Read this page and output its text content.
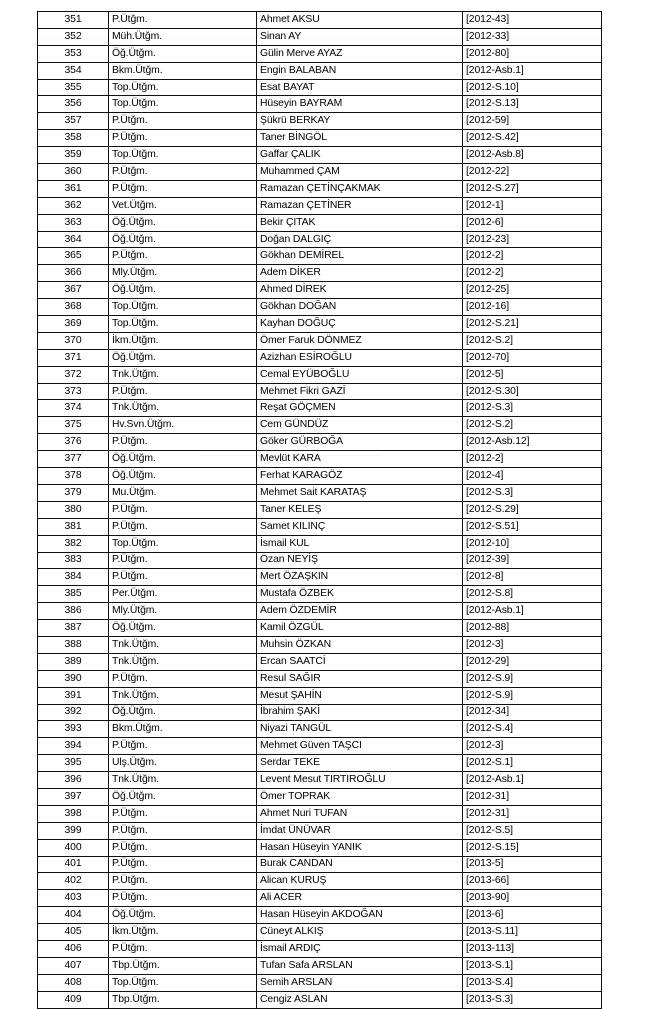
351	P.Ütğm.	Ahmet AKSU	[2012-43]
352	Müh.Ütğm.	Sinan AY	[2012-33]
353	Öğ.Ütğm.	Gülin Merve AYAZ	[2012-80]
354	Bkm.Ütğm.	Engin BALABAN	[2012-Asb.1]
355	Top.Ütğm.	Esat BAYAT	[2012-S.10]
356	Top.Ütğm.	Hüseyin BAYRAM	[2012-S.13]
357	P.Ütğm.	Şükrü BERKAY	[2012-59]
358	P.Ütğm.	Taner BİNGÖL	[2012-S.42]
359	Top.Ütğm.	Gaffar ÇALIK	[2012-Asb.8]
360	P.Ütğm.	Muhammed ÇAM	[2012-22]
361	P.Ütğm.	Ramazan ÇETİNÇAKMAK	[2012-S.27]
362	Vet.Ütğm.	Ramazan ÇETİNER	[2012-1]
363	Öğ.Ütğm.	Bekir ÇITAK	[2012-6]
364	Öğ.Ütğm.	Doğan DALGIÇ	[2012-23]
365	P.Ütğm.	Gökhan DEMİREL	[2012-2]
366	Mly.Ütğm.	Adem DİKER	[2012-2]
367	Öğ.Ütğm.	Ahmed DİREK	[2012-25]
368	Top.Ütğm.	Gökhan DOĞAN	[2012-16]
369	Top.Ütğm.	Kayhan DOĞUÇ	[2012-S.21]
370	İkm.Ütğm.	Ömer Faruk DÖNMEZ	[2012-S.2]
371	Öğ.Ütğm.	Azizhan ESİROĞLU	[2012-70]
372	Tnk.Ütğm.	Cemal EYÜBOĞLU	[2012-5]
373	P.Ütğm.	Mehmet Fikri GAZİ	[2012-S.30]
374	Tnk.Ütğm.	Reşat GÖÇMEN	[2012-S.3]
375	Hv.Svn.Ütğm.	Cem GÜNDÜZ	[2012-S.2]
376	P.Ütğm.	Göker GÜRBOĞA	[2012-Asb.12]
377	Öğ.Ütğm.	Mevlüt KARA	[2012-2]
378	Öğ.Ütğm.	Ferhat KARAGÖZ	[2012-4]
379	Mu.Ütğm.	Mehmet Sait KARATAŞ	[2012-S.3]
380	P.Ütğm.	Taner KELEŞ	[2012-S.29]
381	P.Ütğm.	Samet KILINÇ	[2012-S.51]
382	Top.Ütğm.	İsmail KUL	[2012-10]
383	P.Ütğm.	Ozan NEYİŞ	[2012-39]
384	P.Ütğm.	Mert ÖZAŞKIN	[2012-8]
385	Per.Ütğm.	Mustafa ÖZBEK	[2012-S.8]
386	Mly.Ütğm.	Adem ÖZDEMİR	[2012-Asb.1]
387	Öğ.Ütğm.	Kamil ÖZGÜL	[2012-88]
388	Tnk.Ütğm.	Muhsin ÖZKAN	[2012-3]
389	Tnk.Ütğm.	Ercan SAATCİ	[2012-29]
390	P.Ütğm.	Resul SAĞIR	[2012-S.9]
391	Tnk.Ütğm.	Mesut ŞAHİN	[2012-S.9]
392	Öğ.Ütğm.	İbrahim ŞAKİ	[2012-34]
393	Bkm.Ütğm.	Niyazi TANGÜL	[2012-S.4]
394	P.Ütğm.	Mehmet Güven TAŞCI	[2012-3]
395	Ulş.Ütğm.	Serdar TEKE	[2012-S.1]
396	Tnk.Ütğm.	Levent Mesut TIRTIROĞLU	[2012-Asb.1]
397	Öğ.Ütğm.	Ömer TOPRAK	[2012-31]
398	P.Ütğm.	Ahmet Nuri TUFAN	[2012-31]
399	P.Ütğm.	İmdat ÜNÜVAR	[2012-S.5]
400	P.Ütğm.	Hasan Hüseyin YANIK	[2012-S.15]
401	P.Ütğm.	Burak CANDAN	[2013-5]
402	P.Ütğm.	Alican KURUŞ	[2013-66]
403	P.Ütğm.	Ali ACER	[2013-90]
404	Öğ.Ütğm.	Hasan Hüseyin AKDOĞAN	[2013-6]
405	İkm.Ütğm.	Cüneyt ALKIŞ	[2013-S.11]
406	P.Ütğm.	İsmail ARDIÇ	[2013-113]
407	Tbp.Ütğm.	Tufan Safa ARSLAN	[2013-S.1]
408	Top.Ütğm.	Semih ARSLAN	[2013-S.4]
409	Tbp.Ütğm.	Cengiz ASLAN	[2013-S.3]
